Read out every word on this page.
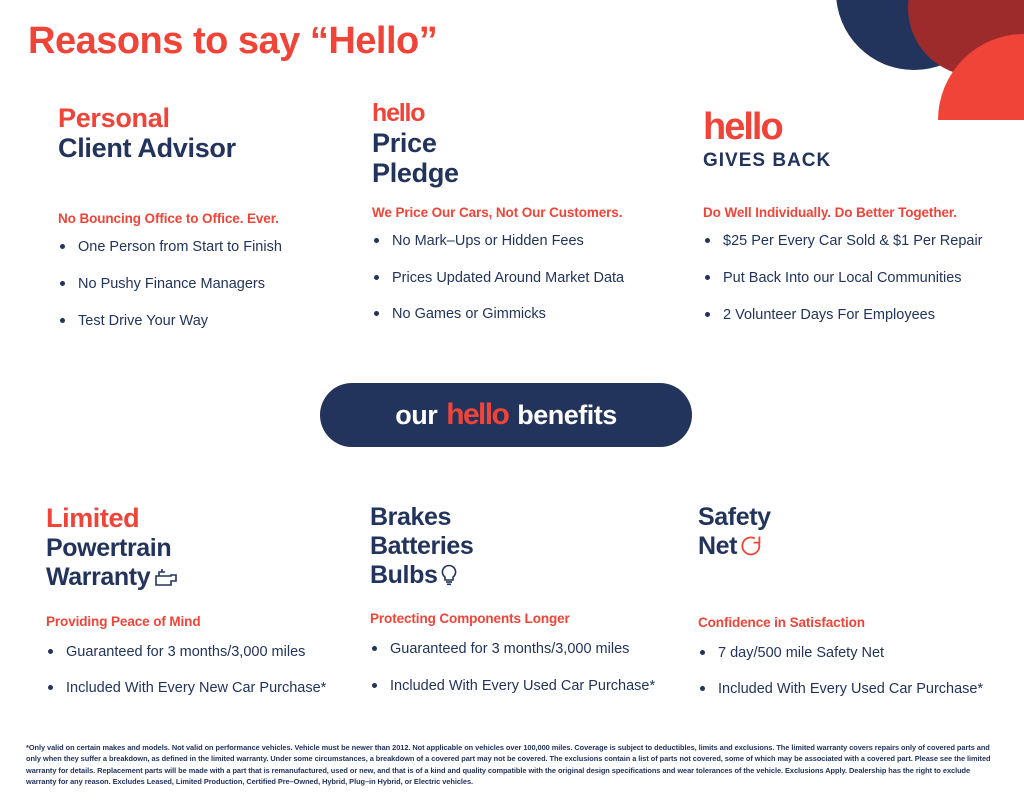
Reasons to say “Hello”
Personal
Client Advisor
No Bouncing Office to Office. Ever.
One Person from Start to Finish
No Pushy Finance Managers
Test Drive Your Way
hello
Price
Pledge
We Price Our Cars, Not Our Customers.
No Mark–Ups or Hidden Fees
Prices Updated Around Market Data
No Games or Gimmicks
hello
GIVES BACK
Do Well Individually. Do Better Together.
$25 Per Every Car Sold & $1 Per Repair
Put Back Into our Local Communities
2 Volunteer Days For Employees
our hello benefits
Limited
Powertrain
Warranty
Providing Peace of Mind
Guaranteed for 3 months/3,000 miles
Included With Every New Car Purchase*
Brakes
Batteries
Bulbs
Protecting Components Longer
Guaranteed for 3 months/3,000 miles
Included With Every Used Car Purchase*
Safety
Net
Confidence in Satisfaction
7 day/500 mile Safety Net
Included With Every Used Car Purchase*
*Only valid on certain makes and models. Not valid on performance vehicles. Vehicle must be newer than 2012. Not applicable on vehicles over 100,000 miles. Coverage is subject to deductibles, limits and exclusions. The limited warranty covers repairs only of covered parts and only when they suffer a breakdown, as defined in the limited warranty. Under some circumstances, a breakdown of a covered part may not be covered. The exclusions contain a list of parts not covered, some of which may be associated with a covered part. Please see the limited warranty for details. Replacement parts will be made with a part that is remanufactured, used or new, and that is of a kind and quality compatible with the original design specifications and wear tolerances of the vehicle. Exclusions Apply. Dealership has the right to exclude warranty for any reason. Excludes Leased, Limited Production, Certified Pre–Owned, Hybrid, Plug–in Hybrid, or Electric vehicles.
